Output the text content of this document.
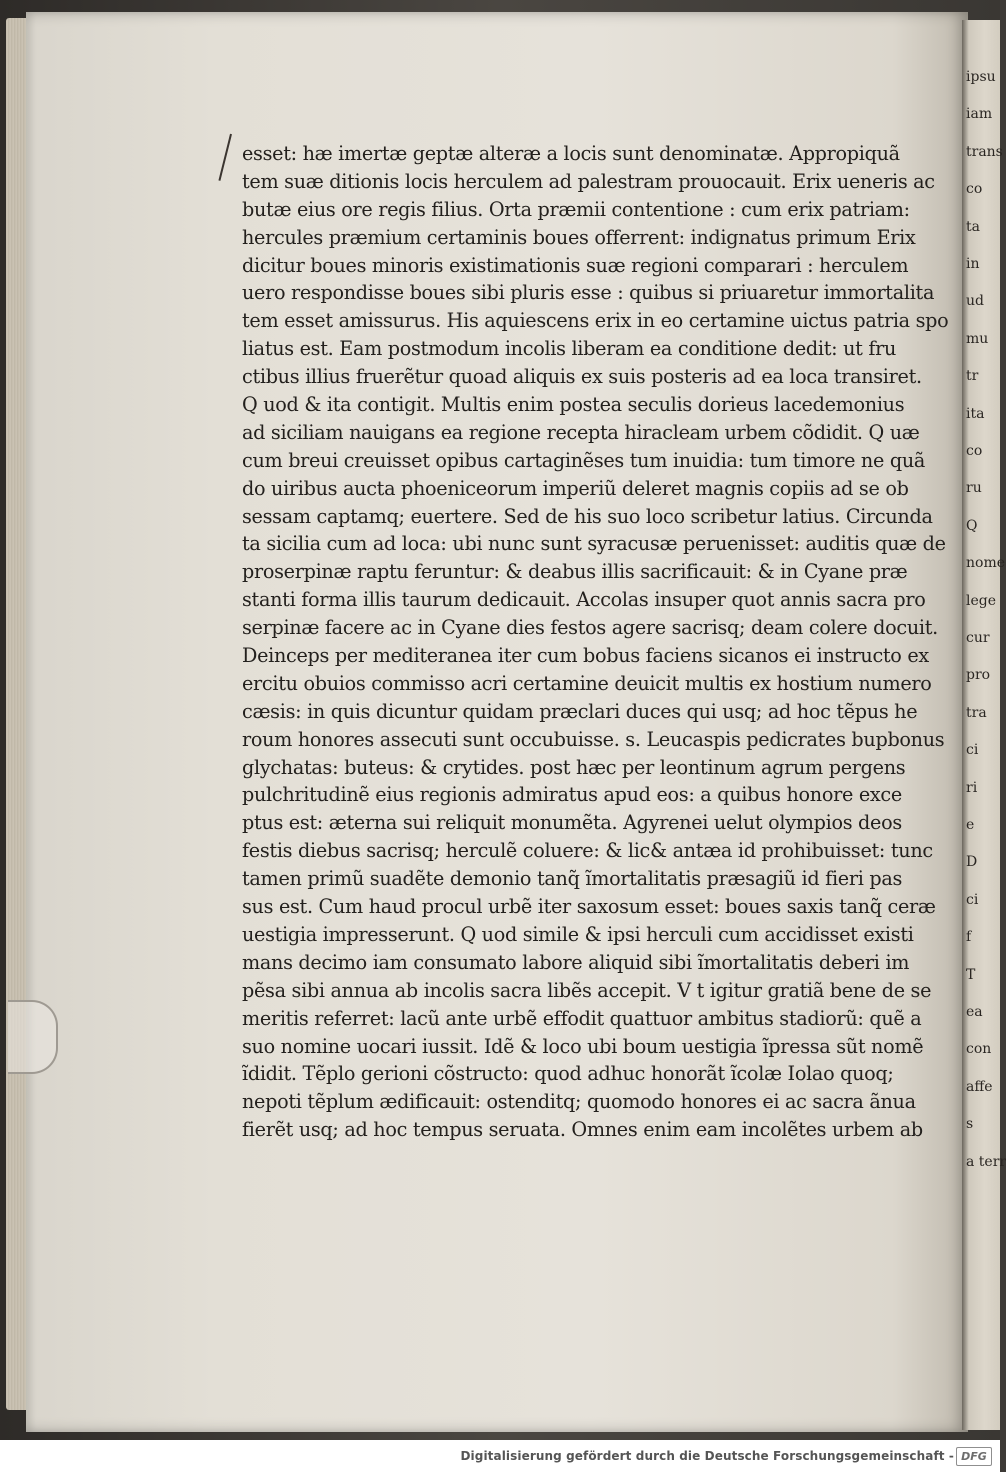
ipsu
iam
trans
co
ta
in
ud
mu
tr
ita
co
ru
Q
nome
lege
cur
pro
tra
ci
ri
e
D
ci
f
T
ea
con
affe
s
a terr
esset: hæ imertæ geptæ alteræ a locis sunt denominatæ. Appropiquã
tem suæ ditionis locis herculem ad palestram prouocauit. Erix ueneris ac
butæ eius ore regis filius. Orta præmii contentione : cum erix patriam:
hercules præmium certaminis boues offerrent: indignatus primum Erix
dicitur boues minoris existimationis suæ regioni comparari : herculem
uero respondisse boues sibi pluris esse : quibus si priuaretur immortalita
tem esset amissurus. His aquiescens erix in eo certamine uictus patria spo
liatus est. Eam postmodum incolis liberam ea conditione dedit: ut fru
ctibus illius fruerẽtur quoad aliquis ex suis posteris ad ea loca transiret.
Q uod & ita contigit. Multis enim postea seculis dorieus lacedemonius
ad siciliam nauigans ea regione recepta hiracleam urbem cõdidit. Q uæ
cum breui creuisset opibus cartaginẽses tum inuidia: tum timore ne quã
do uiribus aucta phoeniceorum imperiũ deleret magnis copiis ad se ob
sessam captamq; euertere. Sed de his suo loco scribetur latius. Circunda
ta sicilia cum ad loca: ubi nunc sunt syracusæ peruenisset: auditis quæ de
proserpinæ raptu feruntur: & deabus illis sacrificauit: & in Cyane præ
stanti forma illis taurum dedicauit. Accolas insuper quot annis sacra pro
serpinæ facere ac in Cyane dies festos agere sacrisq; deam colere docuit.
Deinceps per mediteranea iter cum bobus faciens sicanos ei instructo ex
ercitu obuios commisso acri certamine deuicit multis ex hostium numero
cæsis: in quis dicuntur quidam præclari duces qui usq; ad hoc tẽpus he
roum honores assecuti sunt occubuisse. s. Leucaspis pedicrates bupbonus
glychatas: buteus: & crytides. post hæc per leontinum agrum pergens
pulchritudinẽ eius regionis admiratus apud eos: a quibus honore exce
ptus est: æterna sui reliquit monumẽta. Agyrenei uelut olympios deos
festis diebus sacrisq; herculẽ coluere: & lic& antæa id prohibuisset: tunc
tamen primũ suadẽte demonio tanq̃ ĩmortalitatis præsagiũ id fieri pas
sus est. Cum haud procul urbẽ iter saxosum esset: boues saxis tanq̃ ceræ
uestigia impresserunt. Q uod simile & ipsi herculi cum accidisset existi
mans decimo iam consumato labore aliquid sibi ĩmortalitatis deberi im
pẽsa sibi annua ab incolis sacra libẽs accepit. V t igitur gratiã bene de se
meritis referret: lacũ ante urbẽ effodit quattuor ambitus stadiorũ: quẽ a
suo nomine uocari iussit. Idẽ & loco ubi boum uestigia ĩpressa sũt nomẽ
ĩdidit. Tẽplo gerioni cõstructo: quod adhuc honorãt ĩcolæ Iolao quoq;
nepoti tẽplum ædificauit: ostenditq; quomodo honores ei ac sacra ãnua
fierẽt usq; ad hoc tempus seruata. Omnes enim eam incolẽtes urbem ab
Digitalisierung gefördert durch die Deutsche Forschungsgemeinschaft - DFG
